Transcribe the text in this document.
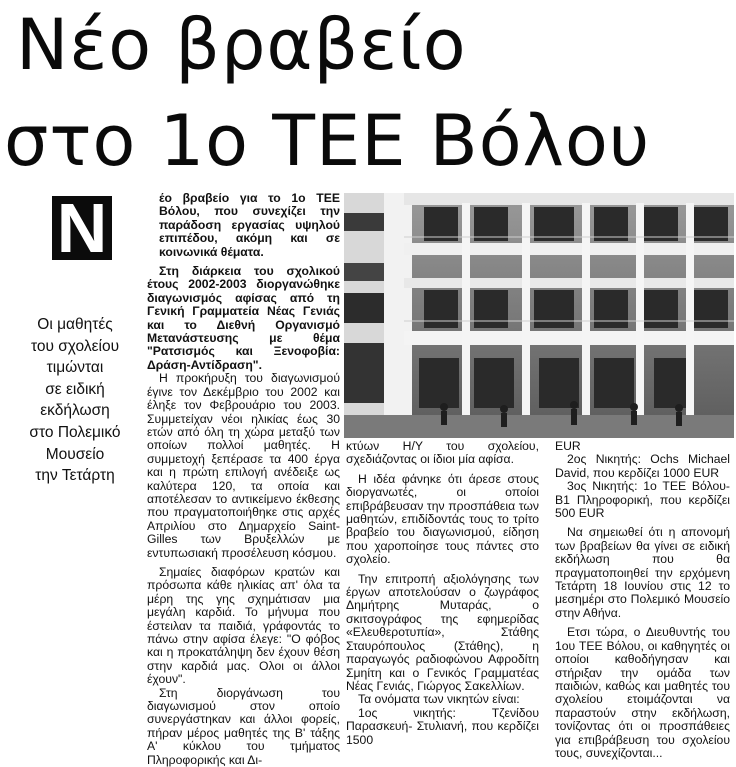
Νέο βραβείο
στο 1ο ΤΕΕ Βόλου
Ν
Οι μαθητές
του σχολείου
τιμώνται
σε ειδική
εκδήλωση
στο Πολεμικό
Μουσείο
την Τετάρτη

έο βραβείο για το 1ο ΤΕΕ Βόλου, που συνεχίζει την παράδοση εργασίας υψηλού επιπέδου, ακόμη και σε κοινωνικά θέματα.

Στη διάρκεια του σχολικού έτους 2002-2003 διοργανώθηκε διαγωνισμός αφίσας από τη Γενική Γραμματεία Νέας Γενιάς και το Διεθνή Οργανισμό Μετανάστευσης με θέμα "Ρατσισμός και Ξενοφοβία: Δράση-Αντίδραση".

Η προκήρυξη του διαγωνισμού έγινε τον Δεκέμβριο του 2002 και έληξε τον Φεβρουάριο του 2003. Συμμετείχαν νέοι ηλικίας έως 30 ετών από όλη τη χώρα μεταξύ των οποίων πολλοί μαθητές. Η συμμετοχή ξεπέρασε τα 400 έργα και η πρώτη επιλογή ανέδειξε ως καλύτερα 120, τα οποία και αποτέλεσαν το αντικείμενο έκθεσης που πραγματοποιήθηκε στις αρχές Απριλίου στο Δημαρχείο Saint-Gilles των Βρυξελλών με εντυπωσιακή προσέλευση κόσμου.

Σημαίες διαφόρων κρατών και πρόσωπα κάθε ηλικίας απ' όλα τα μέρη της γης σχημάτισαν μια μεγάλη καρδιά. Το μήνυμα που έστειλαν τα παιδιά, γράφοντάς το πάνω στην αφίσα έλεγε: "Ο φόβος και η προκατάληψη δεν έχουν θέση στην καρδιά μας. Ολοι οι άλλοι έχουν".

Στη διοργάνωση του διαγωνισμού στον οποίο συνεργάστηκαν και άλλοι φορείς, πήραν μέρος μαθητές της Β' τάξης Α' κύκλου του τμήματος Πληροφορικής και Δι-

κτύων Η/Υ του σχολείου, σχεδιάζοντας οι ίδιοι μία αφίσα.

Η ιδέα φάνηκε ότι άρεσε στους διοργανωτές, οι οποίοι επιβράβευσαν την προσπάθεια των μαθητών, επιδίδοντάς τους το τρίτο βραβείο του διαγωνισμού, είδηση που χαροποίησε τους πάντες στο σχολείο.

Την επιτροπή αξιολόγησης των έργων αποτελούσαν ο ζωγράφος Δημήτρης Μυταράς, ο σκιτσογράφος της εφημερίδας «Ελευθεροτυπία», Στάθης Σταυρόπουλος (Στάθης), η παραγωγός ραδιοφώνου Αφροδίτη Σμηίτη και ο Γενικός Γραμματέας Νέας Γενιάς, Γιώργος Σακελλίων.

Τα ονόματα των νικητών είναι:

1ος νικητής: Τζενίδου Παρασκευή- Στυλιανή, που κερδίζει 1500

EUR

2ος Νικητής: Ochs Michael David, που κερδίζει 1000 EUR

3ος Νικητής: 1ο ΤΕΕ Βόλου- Β1 Πληροφορική, που κερδίζει 500 EUR

Να σημειωθεί ότι η απονομή των βραβείων θα γίνει σε ειδική εκδήλωση που θα πραγματοποιηθεί την ερχόμενη Τετάρτη 18 Ιουνίου στις 12 το μεσημέρι στο Πολεμικό Μουσείο στην Αθήνα.

Ετσι τώρα, ο Διευθυντής του 1ου ΤΕΕ Βόλου, οι καθηγητές οι οποίοι καθοδήγησαν και στήριξαν την ομάδα των παιδιών, καθώς και μαθητές του σχολείου ετοιμάζονται να παραστούν στην εκδήλωση, τονίζοντας ότι οι προσπάθειες για επιβράβευση του σχολείου τους, συνεχίζονται...
